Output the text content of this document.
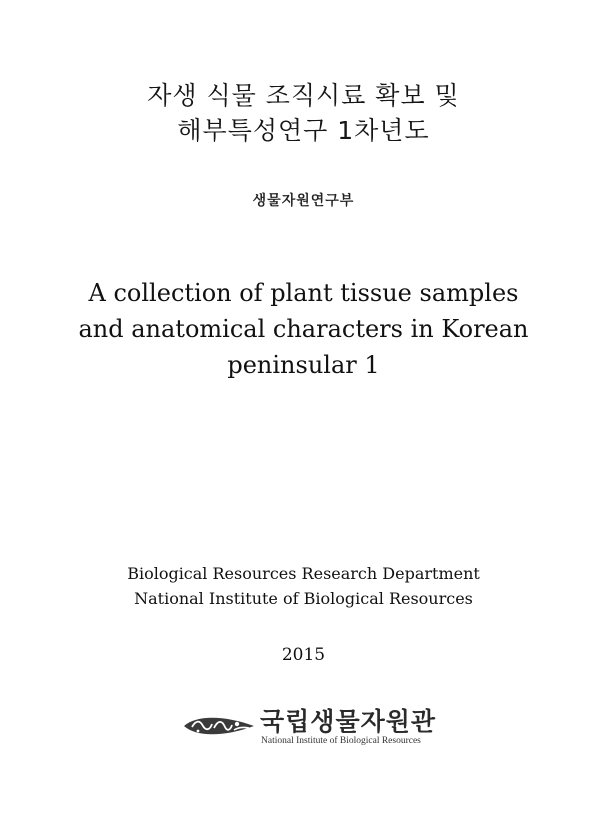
자생 식물 조직시료 확보 및
해부특성연구 1차년도
생물자원연구부
A collection of plant tissue samples
and anatomical characters in Korean
peninsular 1
Biological Resources Research Department
National Institute of Biological Resources
2015
국립생물자원관
National Institute of Biological Resources
